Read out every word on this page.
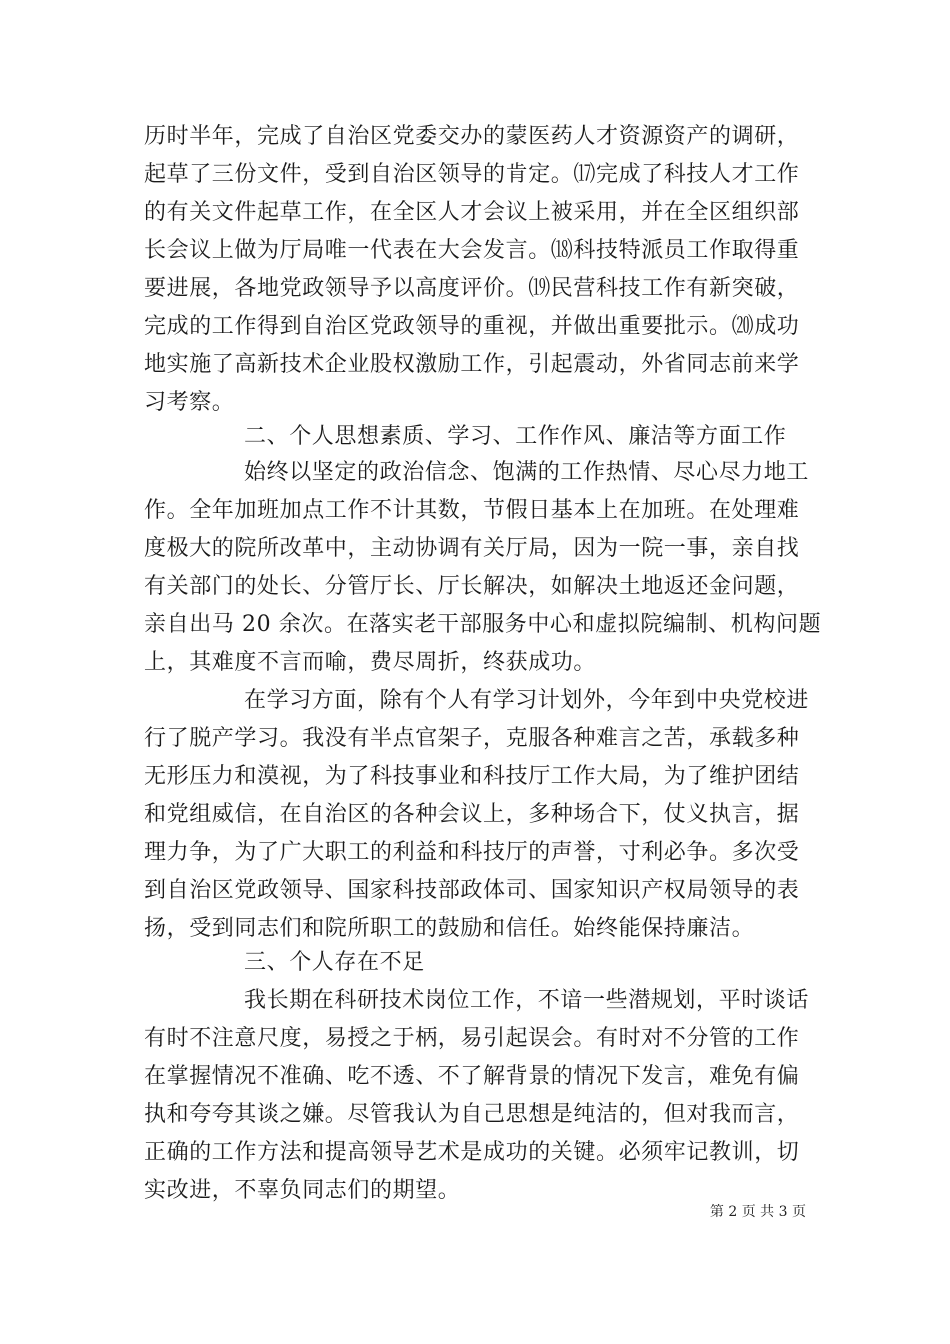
历时半年，完成了自治区党委交办的蒙医药人才资源资产的调研，
起草了三份文件，受到自治区领导的肯定。⒄完成了科技人才工作
的有关文件起草工作，在全区人才会议上被采用，并在全区组织部
长会议上做为厅局唯一代表在大会发言。⒅科技特派员工作取得重
要进展，各地党政领导予以高度评价。⒆民营科技工作有新突破，
完成的工作得到自治区党政领导的重视，并做出重要批示。⒇成功
地实施了高新技术企业股权激励工作，引起震动，外省同志前来学
习考察。
二、个人思想素质、学习、工作作风、廉洁等方面工作
始终以坚定的政治信念、饱满的工作热情、尽心尽力地工
作。全年加班加点工作不计其数，节假日基本上在加班。在处理难
度极大的院所改革中，主动协调有关厅局，因为一院一事，亲自找
有关部门的处长、分管厅长、厅长解决，如解决土地返还金问题，
亲自出马 20 余次。在落实老干部服务中心和虚拟院编制、机构问题
上，其难度不言而喻，费尽周折，终获成功。
在学习方面，除有个人有学习计划外，今年到中央党校进
行了脱产学习。我没有半点官架子，克服各种难言之苦，承载多种
无形压力和漠视，为了科技事业和科技厅工作大局，为了维护团结
和党组威信，在自治区的各种会议上，多种场合下，仗义执言，据
理力争，为了广大职工的利益和科技厅的声誉，寸利必争。多次受
到自治区党政领导、国家科技部政体司、国家知识产权局领导的表
扬，受到同志们和院所职工的鼓励和信任。始终能保持廉洁。
三、个人存在不足
我长期在科研技术岗位工作，不谙一些潜规划，平时谈话
有时不注意尺度，易授之于柄，易引起误会。有时对不分管的工作
在掌握情况不准确、吃不透、不了解背景的情况下发言，难免有偏
执和夸夸其谈之嫌。尽管我认为自己思想是纯洁的，但对我而言，
正确的工作方法和提高领导艺术是成功的关键。必须牢记教训，切
实改进，不辜负同志们的期望。
第 2 页 共 3 页
